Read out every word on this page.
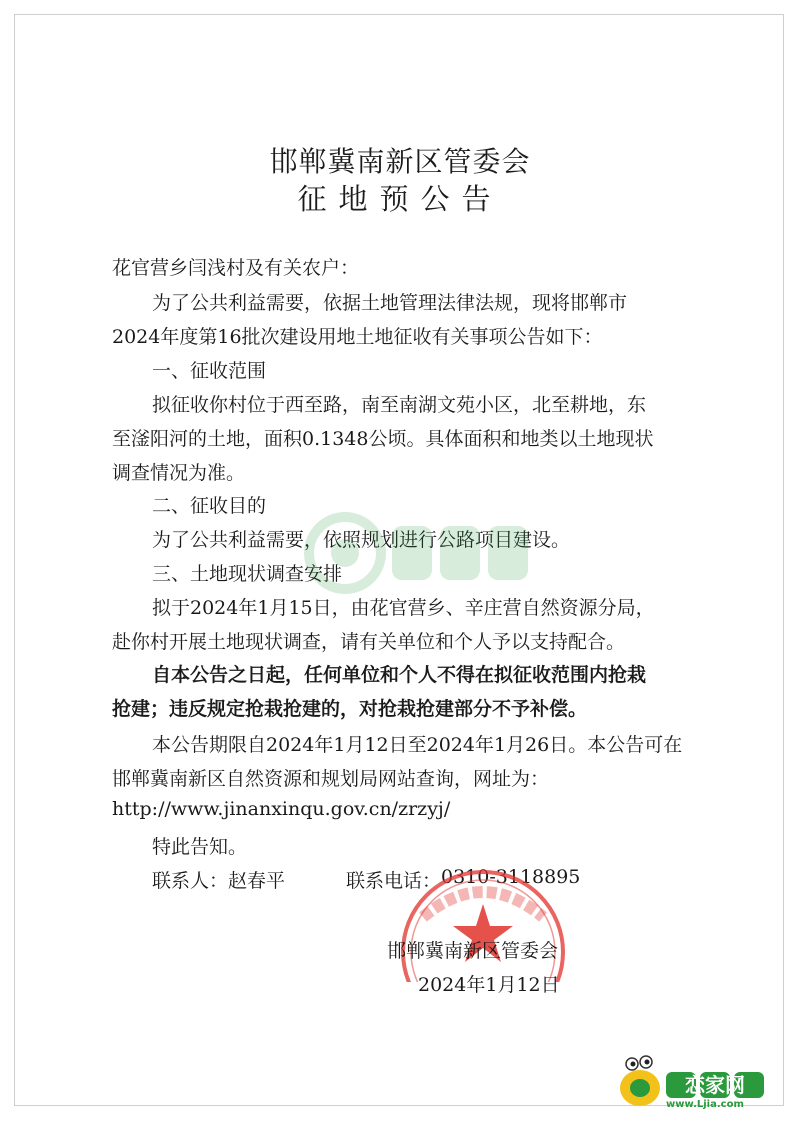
邯郸冀南新区管委会
征地预公告
花官营乡闫浅村及有关农户：
为了公共利益需要，依据土地管理法律法规，现将邯郸市
2024年度第16批次建设用地土地征收有关事项公告如下：
一、征收范围
拟征收你村位于西至路，南至南湖文苑小区，北至耕地，东
至滏阳河的土地，面积0.1348公顷。具体面积和地类以土地现状
调查情况为准。
二、征收目的
为了公共利益需要，依照规划进行公路项目建设。
三、土地现状调查安排
拟于2024年1月15日，由花官营乡、辛庄营自然资源分局，
赴你村开展土地现状调查，请有关单位和个人予以支持配合。
自本公告之日起，任何单位和个人不得在拟征收范围内抢栽
抢建；违反规定抢栽抢建的，对抢栽抢建部分不予补偿。
本公告期限自2024年1月12日至2024年1月26日。本公告可在
邯郸冀南新区自然资源和规划局网站查询，网址为：
http://www.jinanxinqu.gov.cn/zrzyj/
特此告知。
联系人：赵春平	联系电话： 0310-3118895
邯郸冀南新区管委会
2024年1月12日
恋家网
www.Ljia.com
